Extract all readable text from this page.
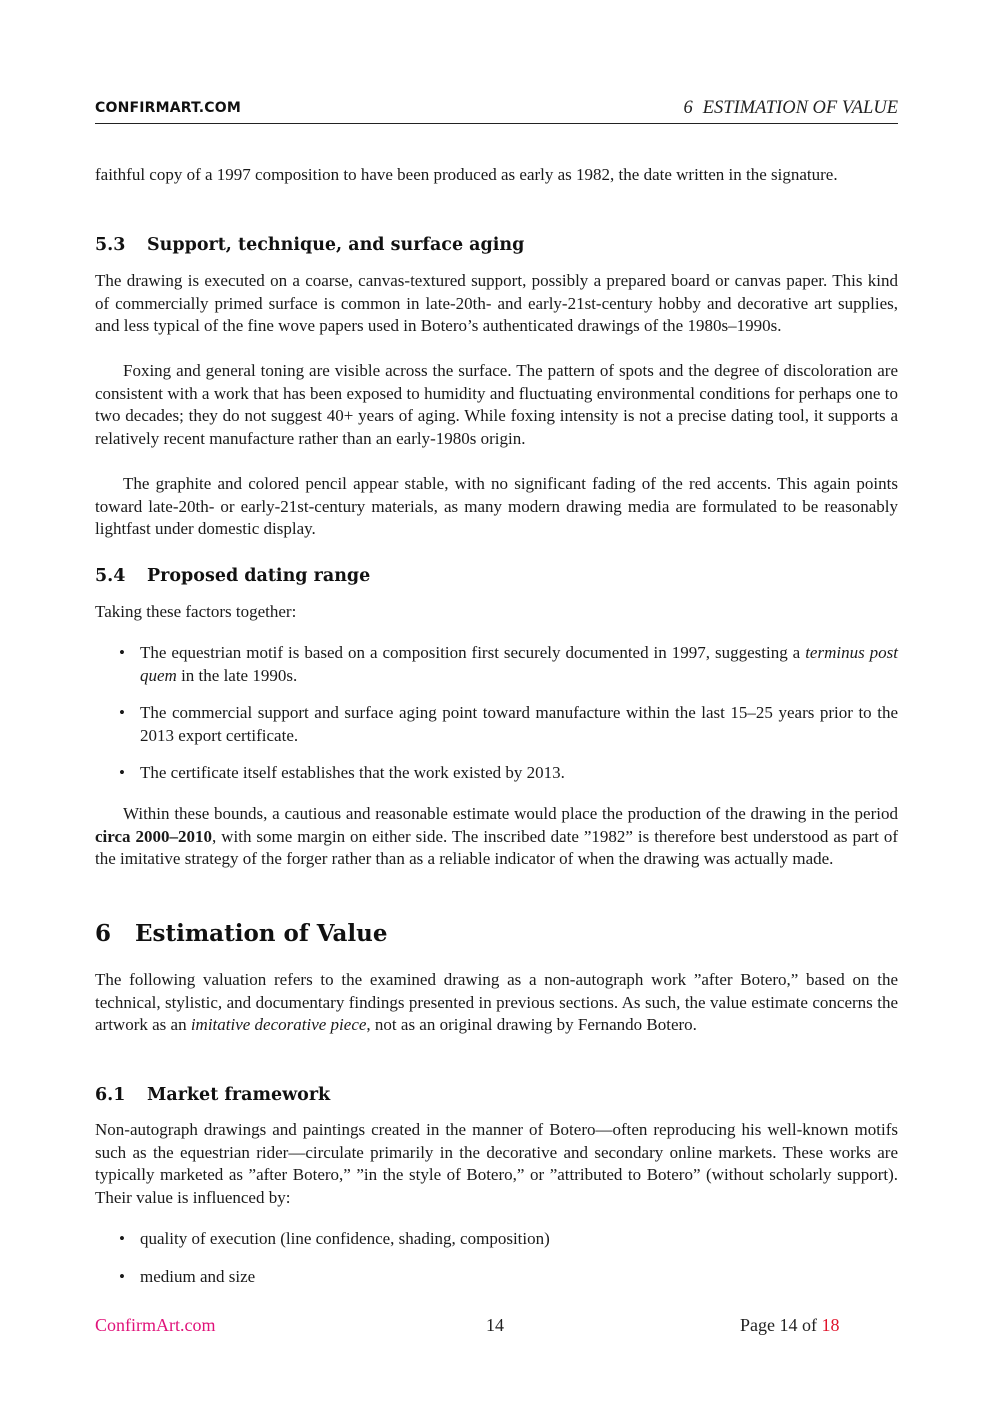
CONFIRMART.COM	6 ESTIMATION OF VALUE

faithful copy of a 1997 composition to have been produced as early as 1982, the date written in the signature.

5.3 Support, technique, and surface aging

The drawing is executed on a coarse, canvas-textured support, possibly a prepared board or canvas paper. This kind of commercially primed surface is common in late-20th- and early-21st-century hobby and decorative art supplies, and less typical of the fine wove papers used in Botero’s authenticated drawings of the 1980s–1990s.

Foxing and general toning are visible across the surface. The pattern of spots and the degree of discoloration are consistent with a work that has been exposed to humidity and fluctuating environmental conditions for perhaps one to two decades; they do not suggest 40+ years of aging. While foxing intensity is not a precise dating tool, it supports a relatively recent manufacture rather than an early-1980s origin.

The graphite and colored pencil appear stable, with no significant fading of the red accents. This again points toward late-20th- or early-21st-century materials, as many modern drawing media are formulated to be reasonably lightfast under domestic display.

5.4 Proposed dating range

Taking these factors together:

• The equestrian motif is based on a composition first securely documented in 1997, suggesting a terminus post quem in the late 1990s.
• The commercial support and surface aging point toward manufacture within the last 15–25 years prior to the 2013 export certificate.
• The certificate itself establishes that the work existed by 2013.

Within these bounds, a cautious and reasonable estimate would place the production of the drawing in the period circa 2000–2010, with some margin on either side. The inscribed date ”1982” is therefore best understood as part of the imitative strategy of the forger rather than as a reliable indicator of when the drawing was actually made.

6 Estimation of Value

The following valuation refers to the examined drawing as a non-autograph work ”after Botero,” based on the technical, stylistic, and documentary findings presented in previous sections. As such, the value estimate concerns the artwork as an imitative decorative piece, not as an original drawing by Fernando Botero.

6.1 Market framework

Non-autograph drawings and paintings created in the manner of Botero—often reproducing his well-known motifs such as the equestrian rider—circulate primarily in the decorative and secondary online markets. These works are typically marketed as ”after Botero,” ”in the style of Botero,” or ”attributed to Botero” (without scholarly support). Their value is influenced by:

• quality of execution (line confidence, shading, composition)
• medium and size
ConfirmArt.com	14	Page 14 of 18
